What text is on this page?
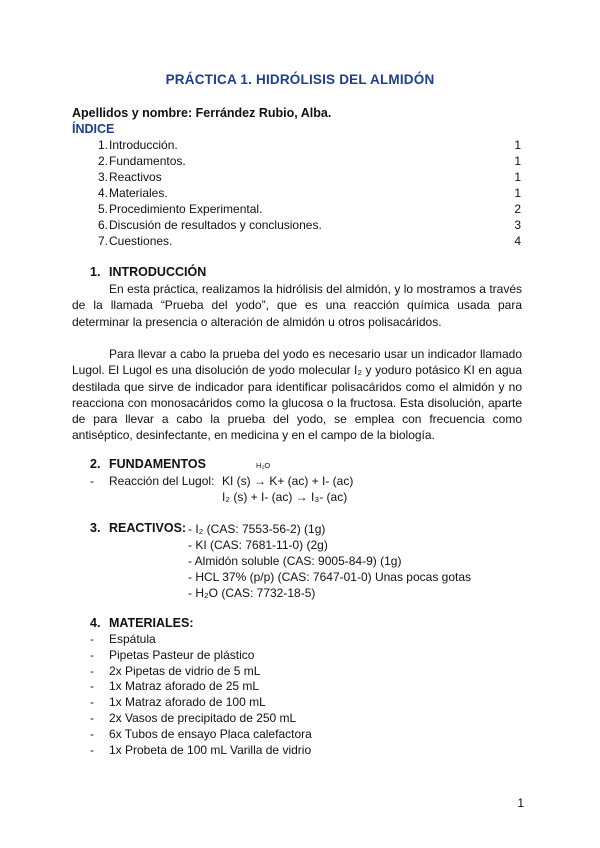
PRÁCTICA 1. HIDRÓLISIS DEL ALMIDÓN
Apellidos y nombre: Ferrández Rubio, Alba.
ÍNDICE
1. Introducción.	1
2. Fundamentos.	1
3. Reactivos	1
4. Materiales.	1
5. Procedimiento Experimental.	2
6. Discusión de resultados y conclusiones.	3
7. Cuestiones.	4
1. INTRODUCCIÓN

En esta práctica, realizamos la hidrólisis del almidón, y lo mostramos a través de la llamada “Prueba del yodo”, que es una reacción química usada para determinar la presencia o alteración de almidón u otros polisacáridos.

Para llevar a cabo la prueba del yodo es necesario usar un indicador llamado Lugol. El Lugol es una disolución de yodo molecular I₂ y yoduro potásico KI en agua destilada que sirve de indicador para identificar polisacáridos como el almidón y no reacciona con monosacáridos como la glucosa o la fructosa. Esta disolución, aparte de para llevar a cabo la prueba del yodo, se emplea con frecuencia como antiséptico, desinfectante, en medicina y en el campo de la biología.

2. FUNDAMENTOS	H₂O
- Reacción del Lugol: KI (s) → K+ (ac) + I- (ac)
I₂ (s) + I- (ac) → I₃- (ac)
3. REACTIVOS: - I₂ (CAS: 7553-56-2) (1g)
- KI (CAS: 7681-11-0) (2g)
- Almidón soluble (CAS: 9005-84-9) (1g)
- HCL 37% (p/p) (CAS: 7647-01-0) Unas pocas gotas
- H₂O (CAS: 7732-18-5)
4. MATERIALES:
- Espátula
- Pipetas Pasteur de plástico
- 2x Pipetas de vidrio de 5 mL
- 1x Matraz aforado de 25 mL
- 1x Matraz aforado de 100 mL
- 2x Vasos de precipitado de 250 mL
- 6x Tubos de ensayo Placa calefactora
- 1x Probeta de 100 mL Varilla de vidrio
1
